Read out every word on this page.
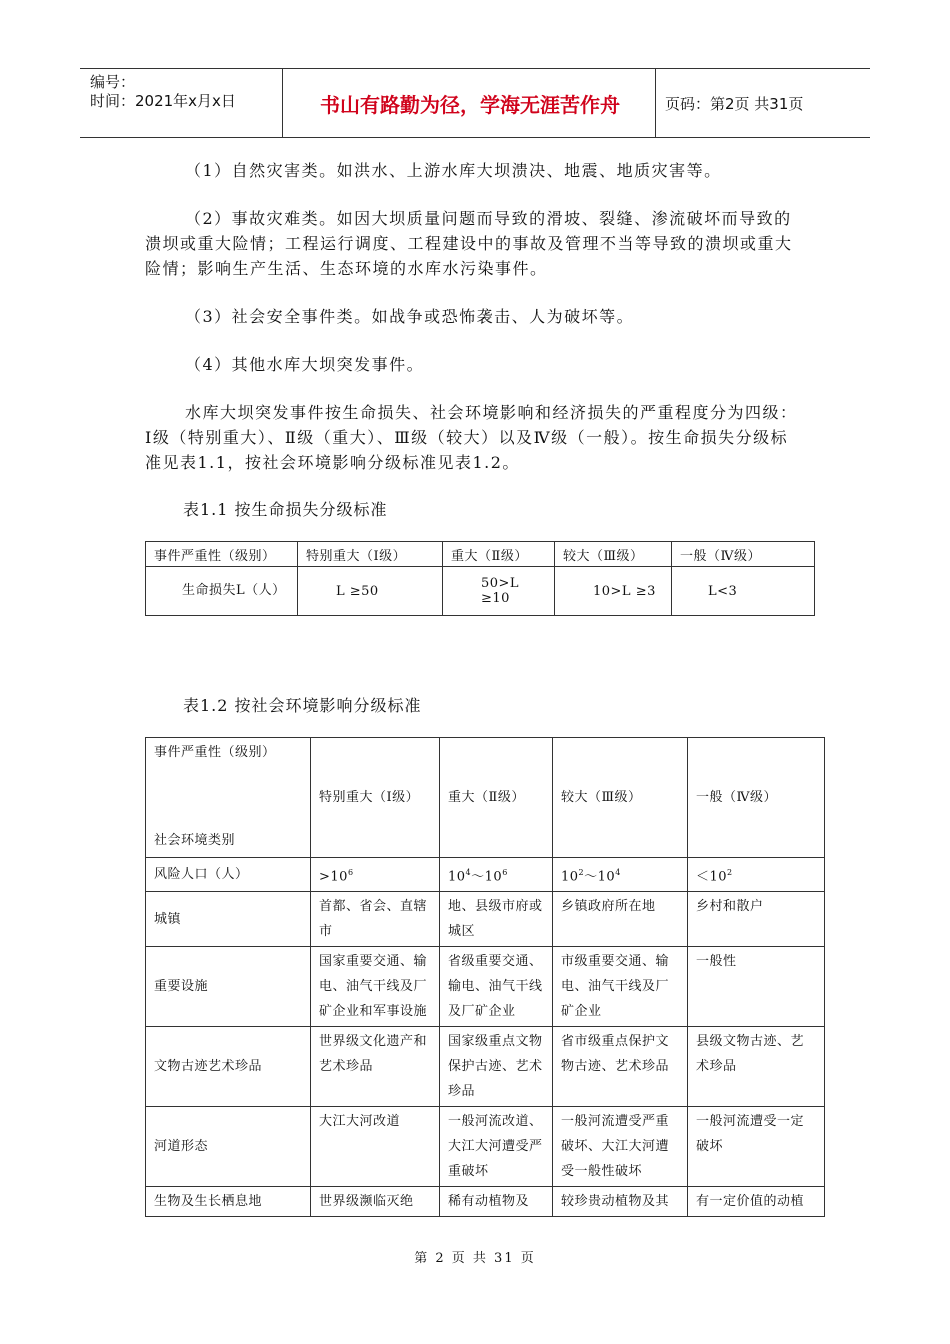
编号：
时间：2021年x月x日	书山有路勤为径，学海无涯苦作舟	页码：第2页 共31页
（1）自然灾害类。如洪水、上游水库大坝溃决、地震、地质灾害等。
（2）事故灾难类。如因大坝质量问题而导致的滑坡、裂缝、渗流破坏而导致的溃坝或重大险情；工程运行调度、工程建设中的事故及管理不当等导致的溃坝或重大险情；影响生产生活、生态环境的水库水污染事件。
（3）社会安全事件类。如战争或恐怖袭击、人为破坏等。
（4）其他水库大坝突发事件。
水库大坝突发事件按生命损失、社会环境影响和经济损失的严重程度分为四级：Ⅰ级（特别重大）、Ⅱ级（重大）、Ⅲ级（较大）以及Ⅳ级（一般）。按生命损失分级标准见表1.1，按社会环境影响分级标准见表1.2。
表1.1 按生命损失分级标准
事件严重性（级别）	特别重大（Ⅰ级）	重大（Ⅱ级）	较大（Ⅲ级）	一般（Ⅳ级）
生命损失L（人）	L ≥50	50>L ≥10	10>L ≥3	L<3
表1.2 按社会环境影响分级标准
事件严重性（级别）
社会环境类别	特别重大（Ⅰ级）	重大（Ⅱ级）	较大（Ⅲ级）	一般（Ⅳ级）
风险人口（人）	$>10^6$	$10^4\sim 10^6$	$10^2\sim 10^4$	$<10^2$
城镇	首都、省会、直辖市	地、县级市府或城区	乡镇政府所在地	乡村和散户
重要设施	国家重要交通、输电、油气干线及厂矿企业和军事设施	省级重要交通、输电、油气干线及厂矿企业	市级重要交通、输电、油气干线及厂矿企业	一般性
文物古迹艺术珍品	世界级文化遗产和艺术珍品	国家级重点文物保护古迹、艺术珍品	省市级重点保护文物古迹、艺术珍品	县级文物古迹、艺术珍品
河道形态	大江大河改道	一般河流改道、大江大河遭受严重破坏	一般河流遭受严重破坏、大江大河遭受一般性破坏	一般河流遭受一定破坏
生物及生长栖息地	世界级濒临灭绝	稀有动植物及	较珍贵动植物及其	有一定价值的动植
第 2 页 共 31 页
